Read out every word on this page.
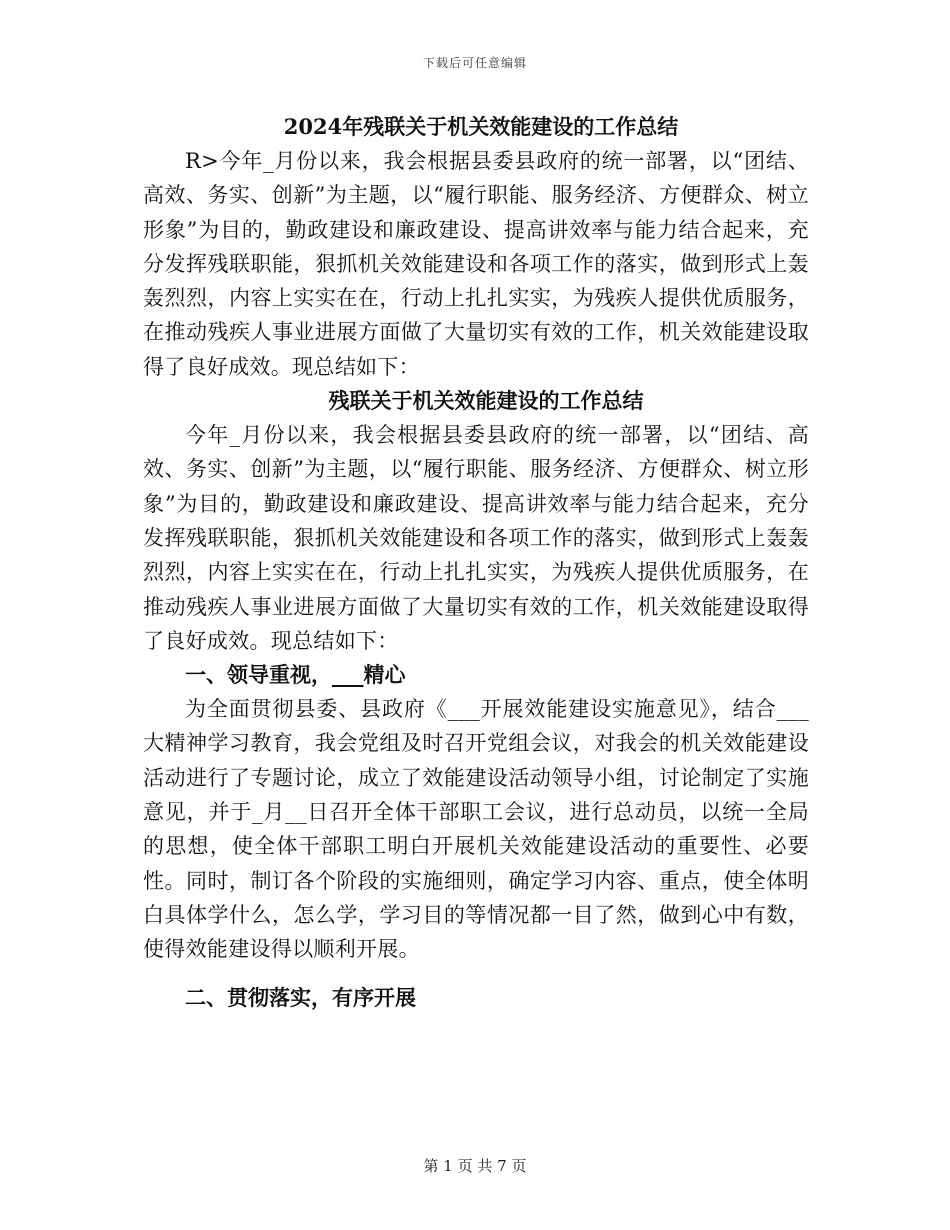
下载后可任意编辑
2024年残联关于机关效能建设的工作总结

R>今年_月份以来，我会根据县委县政府的统一部署，以“团结、高效、务实、创新”为主题，以“履行职能、服务经济、方便群众、树立形象”为目的，勤政建设和廉政建设、提高讲效率与能力结合起来，充分发挥残联职能，狠抓机关效能建设和各项工作的落实，做到形式上轰轰烈烈，内容上实实在在，行动上扎扎实实，为残疾人提供优质服务，在推动残疾人事业进展方面做了大量切实有效的工作，机关效能建设取得了良好成效。现总结如下：

残联关于机关效能建设的工作总结

今年_月份以来，我会根据县委县政府的统一部署，以“团结、高效、务实、创新”为主题，以“履行职能、服务经济、方便群众、树立形象”为目的，勤政建设和廉政建设、提高讲效率与能力结合起来，充分发挥残联职能，狠抓机关效能建设和各项工作的落实，做到形式上轰轰烈烈，内容上实实在在，行动上扎扎实实，为残疾人提供优质服务，在推动残疾人事业进展方面做了大量切实有效的工作，机关效能建设取得了良好成效。现总结如下：

一、领导重视，___精心

为全面贯彻县委、县政府《___开展效能建设实施意见》，结合___大精神学习教育，我会党组及时召开党组会议，对我会的机关效能建设活动进行了专题讨论，成立了效能建设活动领导小组，讨论制定了实施意见，并于_月__日召开全体干部职工会议，进行总动员，以统一全局的思想，使全体干部职工明白开展机关效能建设活动的重要性、必要性。同时，制订各个阶段的实施细则，确定学习内容、重点，使全体明白具体学什么，怎么学，学习目的等情况都一目了然，做到心中有数，使得效能建设得以顺利开展。

二、贯彻落实，有序开展
第 1 页 共 7 页
